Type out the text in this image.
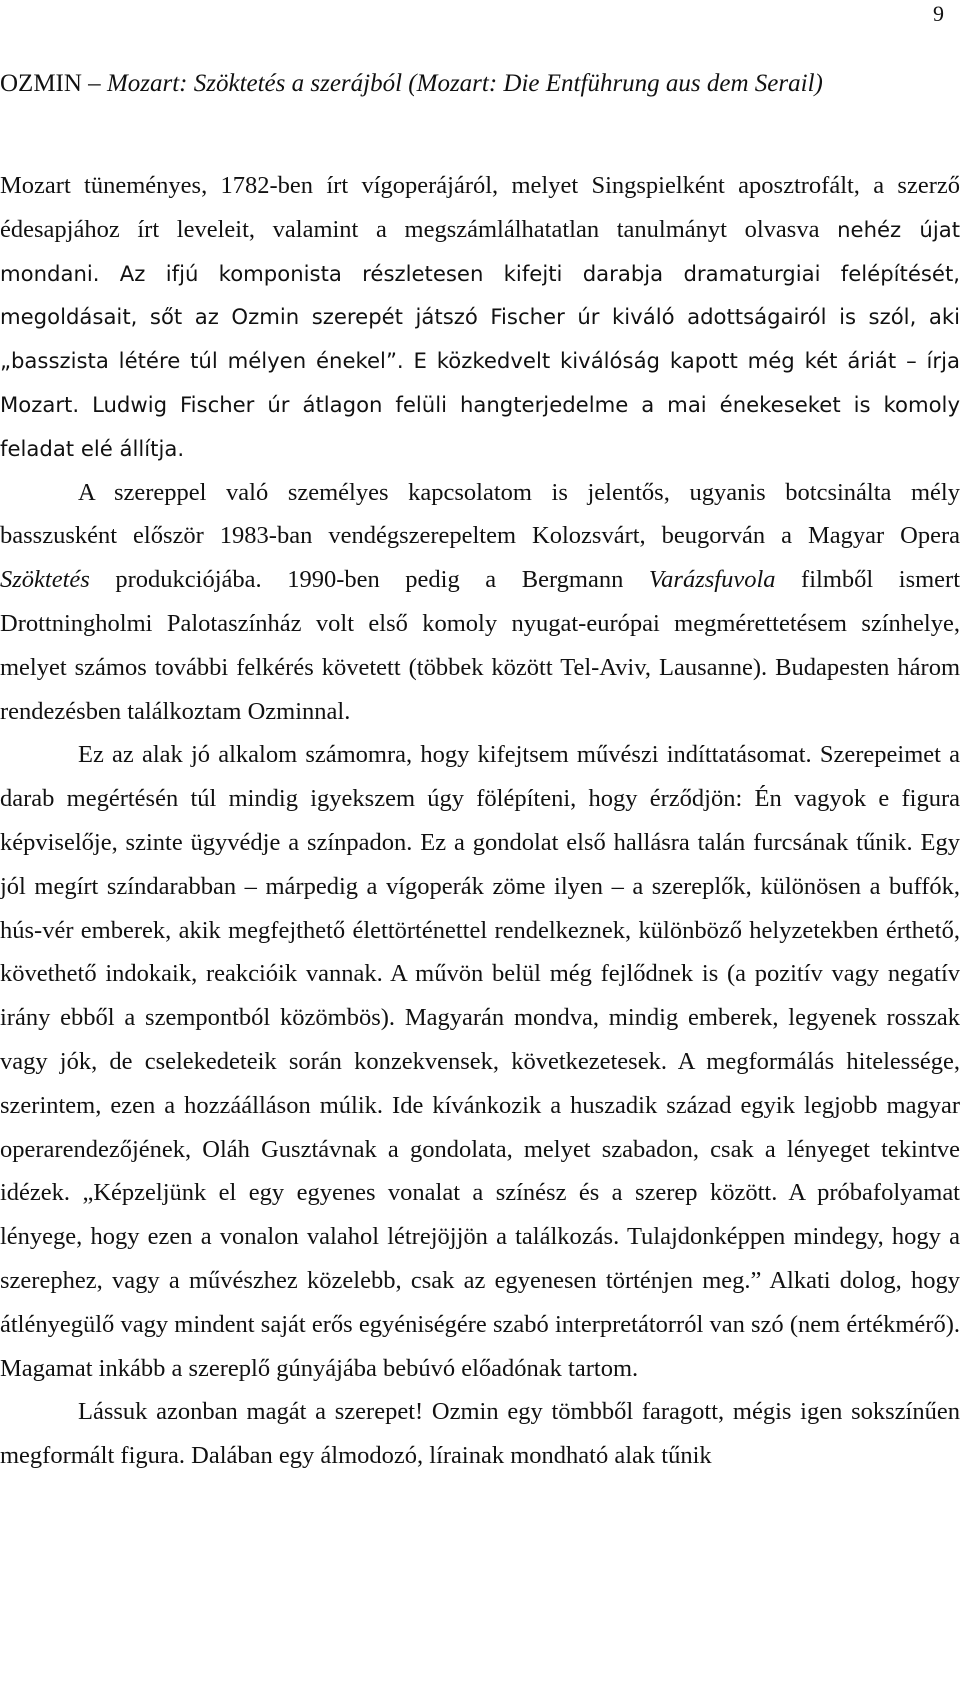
9
OZMIN – Mozart: Szöktetés a szerájból (Mozart: Die Entführung aus dem Serail)

Mozart tüneményes, 1782-ben írt vígoperájáról, melyet Singspielként aposztrofált, a szerző édesapjához írt leveleit, valamint a megszámlálhatatlan tanulmányt olvasva nehéz újat mondani. Az ifjú komponista részletesen kifejti darabja dramaturgiai felépítését, megoldásait, sőt az Ozmin szerepét játszó Fischer úr kiváló adottságairól is szól, aki „basszista létére túl mélyen énekel”. E közkedvelt kiválóság kapott még két áriát – írja Mozart. Ludwig Fischer úr átlagon felüli hangterjedelme a mai énekeseket is komoly feladat elé állítja.

A szereppel való személyes kapcsolatom is jelentős, ugyanis botcsinálta mély basszusként először 1983-ban vendégszerepeltem Kolozsvárt, beugorván a Magyar Opera Szöktetés produkciójába. 1990-ben pedig a Bergmann Varázsfuvola filmből ismert Drottningholmi Palotaszínház volt első komoly nyugat-európai megmérettetésem színhelye, melyet számos további felkérés követett (többek között Tel-Aviv, Lausanne). Budapesten három rendezésben találkoztam Ozminnal.

Ez az alak jó alkalom számomra, hogy kifejtsem művészi indíttatásomat. Szerepeimet a darab megértésén túl mindig igyekszem úgy fölépíteni, hogy érződjön: Én vagyok e figura képviselője, szinte ügyvédje a színpadon. Ez a gondolat első hallásra talán furcsának tűnik. Egy jól megírt színdarabban – márpedig a vígoperák zöme ilyen – a szereplők, különösen a buffók, hús-vér emberek, akik megfejthető élettörténettel rendelkeznek, különböző helyzetekben érthető, követhető indokaik, reakcióik vannak. A művön belül még fejlődnek is (a pozitív vagy negatív irány ebből a szempontból közömbös). Magyarán mondva, mindig emberek, legyenek rosszak vagy jók, de cselekedeteik során konzekvensek, következetesek. A megformálás hitelessége, szerintem, ezen a hozzáálláson múlik. Ide kívánkozik a huszadik század egyik legjobb magyar operarendezőjének, Oláh Gusztávnak a gondolata, melyet szabadon, csak a lényeget tekintve idézek. „Képzeljünk el egy egyenes vonalat a színész és a szerep között. A próbafolyamat lényege, hogy ezen a vonalon valahol létrejöjjön a találkozás. Tulajdonképpen mindegy, hogy a szerephez, vagy a művészhez közelebb, csak az egyenesen történjen meg.” Alkati dolog, hogy átlényegülő vagy mindent saját erős egyéniségére szabó interpretátorról van szó (nem értékmérő). Magamat inkább a szereplő gúnyájába bebúvó előadónak tartom.

Lássuk azonban magát a szerepet! Ozmin egy tömbből faragott, mégis igen sokszínűen megformált figura. Dalában egy álmodozó, lírainak mondható alak tűnik
